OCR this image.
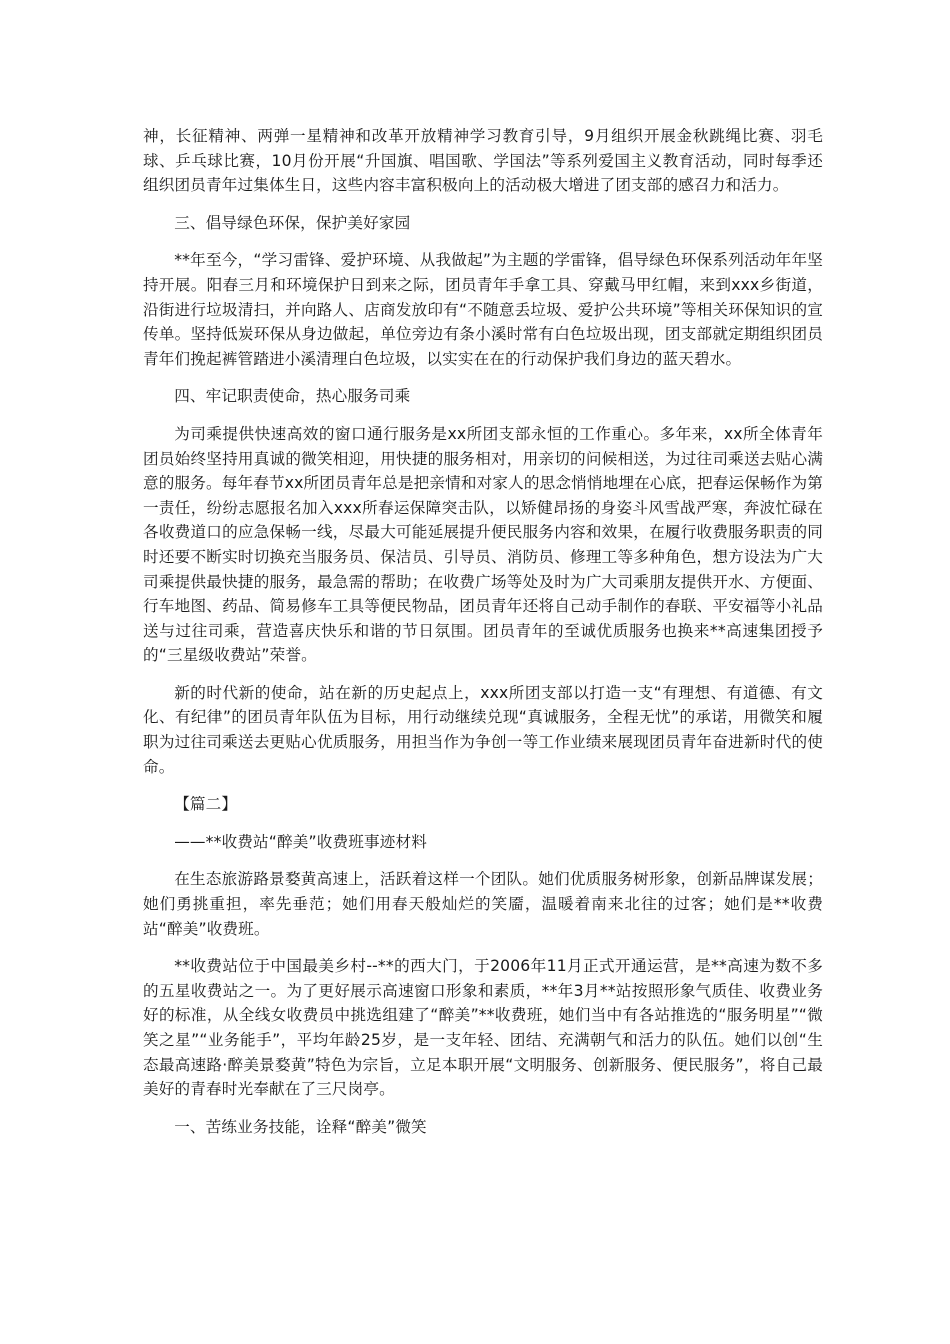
神，长征精神、两弹一星精神和改革开放精神学习教育引导，9月组织开展金秋跳绳比赛、羽毛球、乒乓球比赛，10月份开展“升国旗、唱国歌、学国法”等系列爱国主义教育活动，同时每季还组织团员青年过集体生日，这些内容丰富积极向上的活动极大增进了团支部的感召力和活力。

三、倡导绿色环保，保护美好家园

**年至今，“学习雷锋、爱护环境、从我做起”为主题的学雷锋，倡导绿色环保系列活动年年坚持开展。阳春三月和环境保护日到来之际，团员青年手拿工具、穿戴马甲红帽，来到xxx乡街道，沿街进行垃圾清扫，并向路人、店商发放印有“不随意丢垃圾、爱护公共环境”等相关环保知识的宣传单。坚持低炭环保从身边做起，单位旁边有条小溪时常有白色垃圾出现，团支部就定期组织团员青年们挽起裤管踏进小溪清理白色垃圾，以实实在在的行动保护我们身边的蓝天碧水。

四、牢记职责使命，热心服务司乘

为司乘提供快速高效的窗口通行服务是xx所团支部永恒的工作重心。多年来，xx所全体青年团员始终坚持用真诚的微笑相迎，用快捷的服务相对，用亲切的问候相送，为过往司乘送去贴心满意的服务。每年春节xx所团员青年总是把亲情和对家人的思念悄悄地埋在心底，把春运保畅作为第一责任，纷纷志愿报名加入xxx所春运保障突击队，以矫健昂扬的身姿斗风雪战严寒，奔波忙碌在各收费道口的应急保畅一线，尽最大可能延展提升便民服务内容和效果，在履行收费服务职责的同时还要不断实时切换充当服务员、保洁员、引导员、消防员、修理工等多种角色，想方设法为广大司乘提供最快捷的服务，最急需的帮助；在收费广场等处及时为广大司乘朋友提供开水、方便面、行车地图、药品、简易修车工具等便民物品，团员青年还将自己动手制作的春联、平安福等小礼品送与过往司乘，营造喜庆快乐和谐的节日氛围。团员青年的至诚优质服务也换来**高速集团授予的“三星级收费站”荣誉。

新的时代新的使命，站在新的历史起点上，xxx所团支部以打造一支“有理想、有道德、有文化、有纪律”的团员青年队伍为目标，用行动继续兑现“真诚服务，全程无忧”的承诺，用微笑和履职为过往司乘送去更贴心优质服务，用担当作为争创一等工作业绩来展现团员青年奋进新时代的使命。

【篇二】

——**收费站“醉美”收费班事迹材料

在生态旅游路景婺黄高速上，活跃着这样一个团队。她们优质服务树形象，创新品牌谋发展；她们勇挑重担，率先垂范；她们用春天般灿烂的笑靥，温暖着南来北往的过客；她们是**收费站“醉美”收费班。

**收费站位于中国最美乡村--**的西大门，于2006年11月正式开通运营，是**高速为数不多的五星收费站之一。为了更好展示高速窗口形象和素质，**年3月**站按照形象气质佳、收费业务好的标准，从全线女收费员中挑选组建了“醉美”**收费班，她们当中有各站推选的“服务明星”“微笑之星”“业务能手”，平均年龄25岁，是一支年轻、团结、充满朝气和活力的队伍。她们以创“生态最高速路·醉美景婺黄”特色为宗旨，立足本职开展“文明服务、创新服务、便民服务”，将自己最美好的青春时光奉献在了三尺岗亭。

一、苦练业务技能，诠释“醉美”微笑
